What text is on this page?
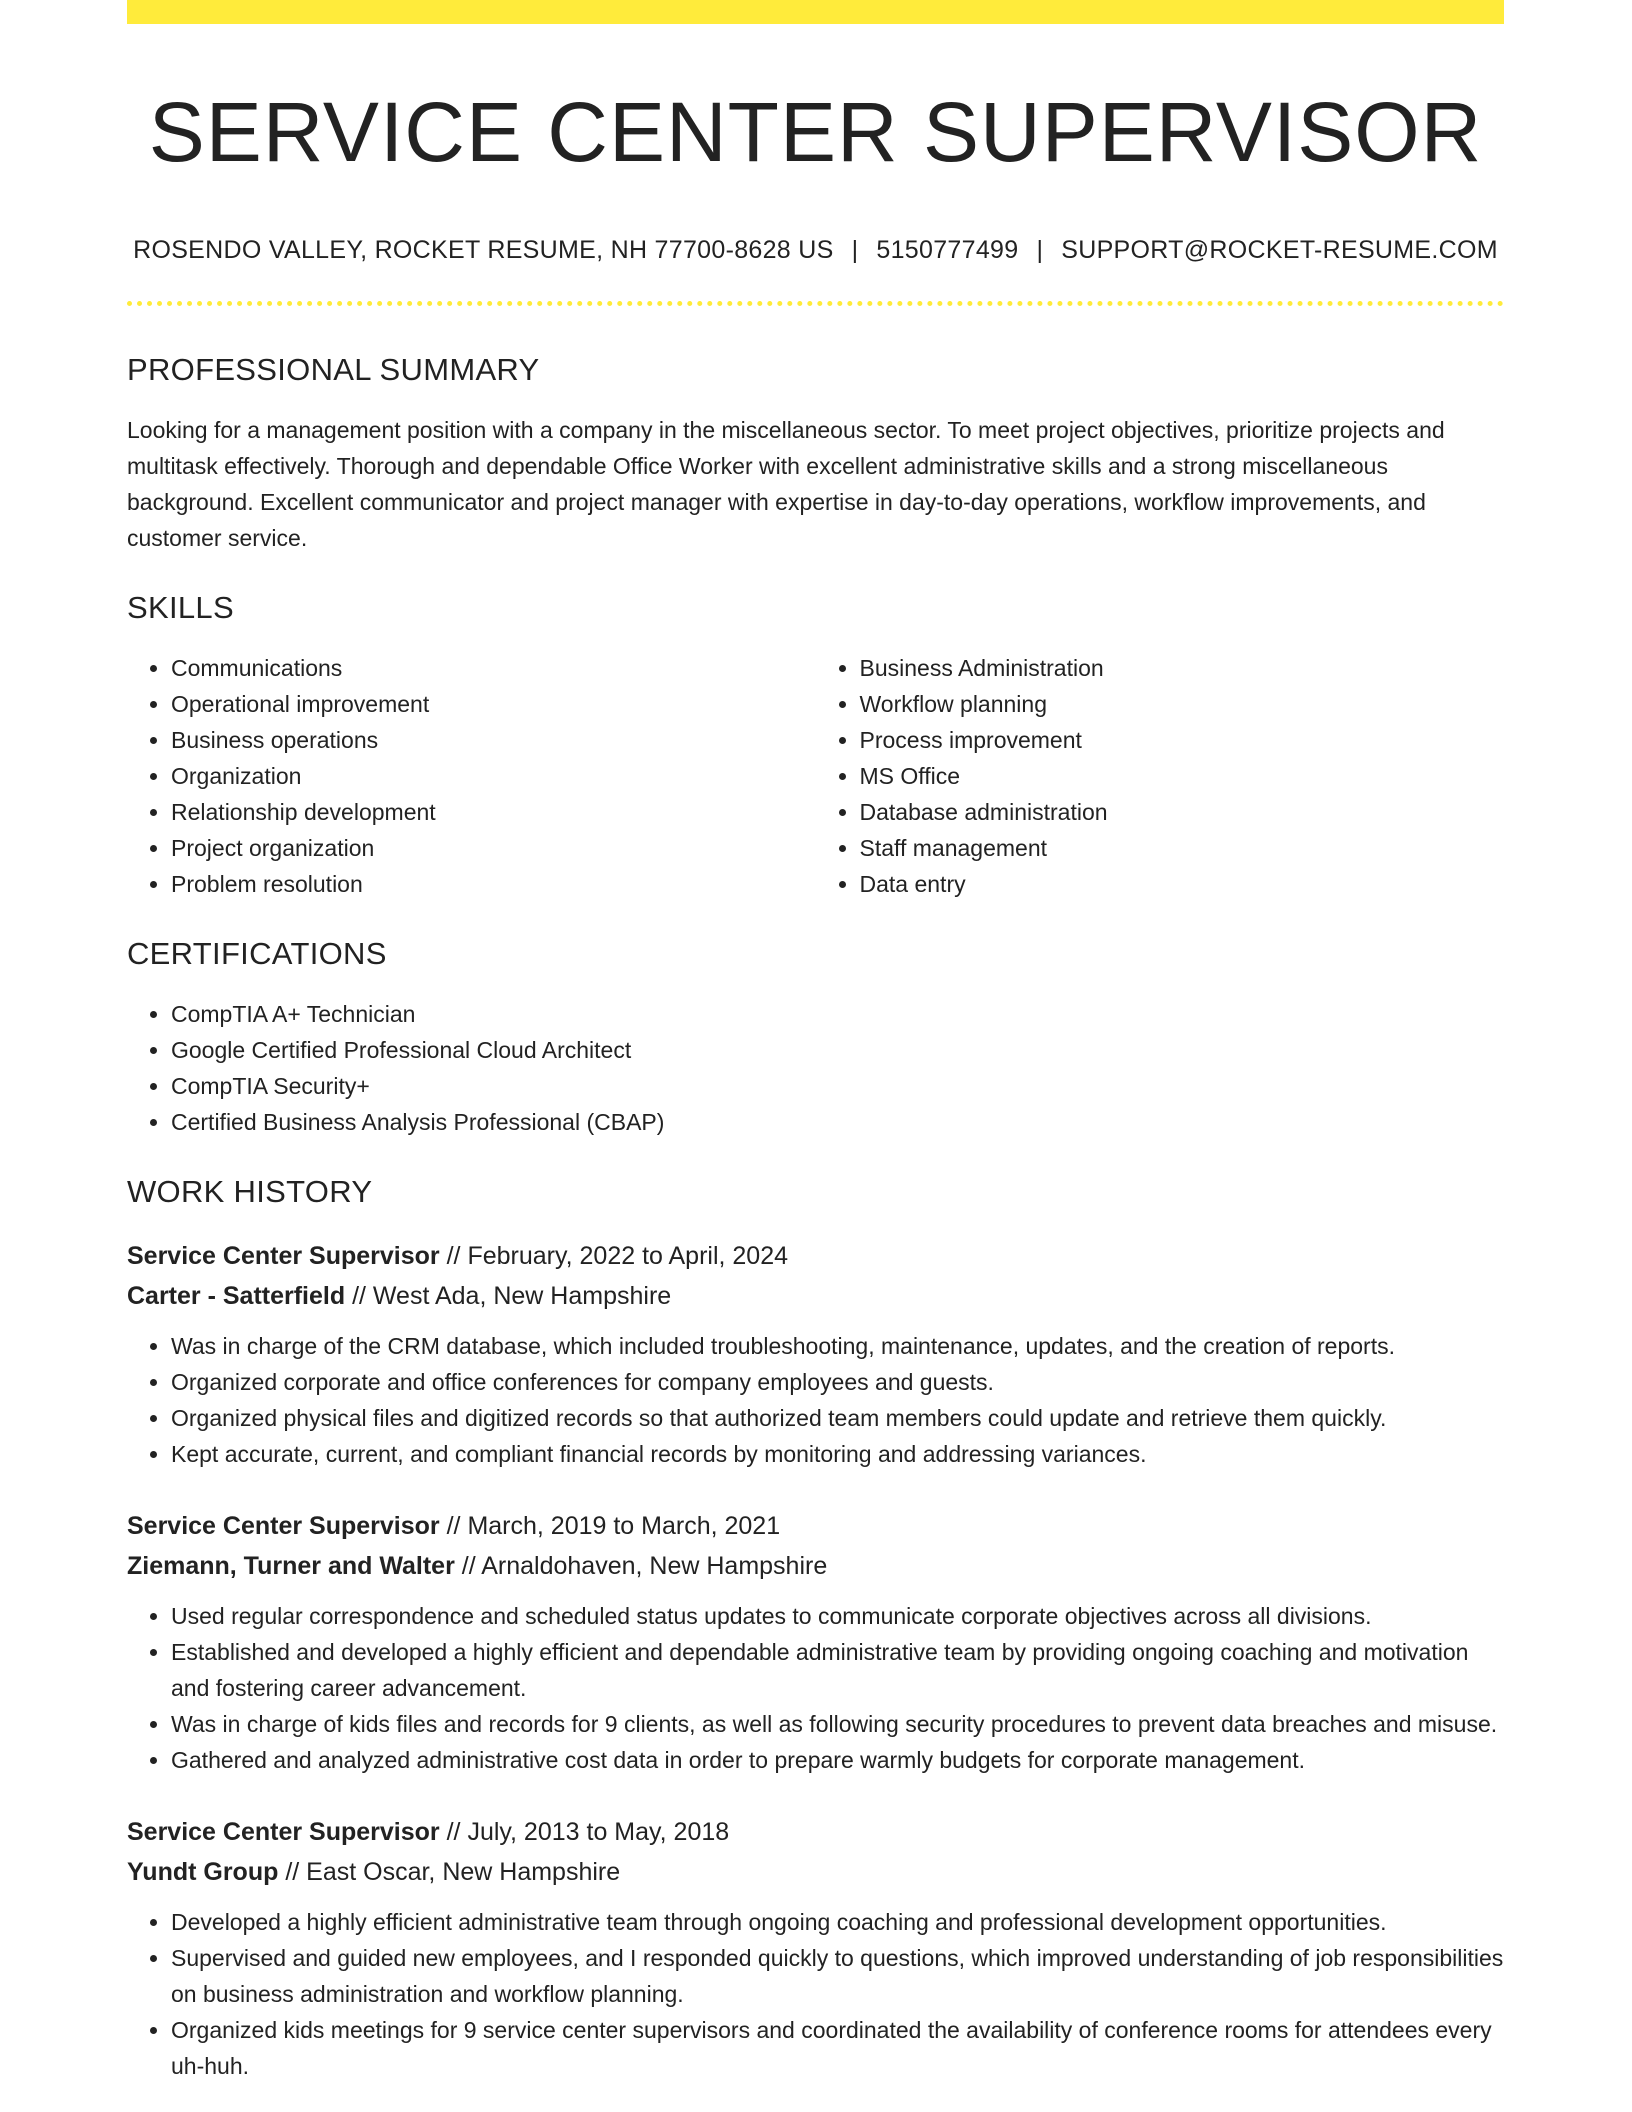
SERVICE CENTER SUPERVISOR
ROSENDO VALLEY, ROCKET RESUME, NH 77700-8628 US | 5150777499 | SUPPORT@ROCKET-RESUME.COM
PROFESSIONAL SUMMARY

Looking for a management position with a company in the miscellaneous sector. To meet project objectives, prioritize projects and multitask effectively. Thorough and dependable Office Worker with excellent administrative skills and a strong miscellaneous background. Excellent communicator and project manager with expertise in day-to-day operations, workflow improvements, and customer service.

SKILLS
• Communications
• Operational improvement
• Business operations
• Organization
• Relationship development
• Project organization
• Problem resolution
• Business Administration
• Workflow planning
• Process improvement
• MS Office
• Database administration
• Staff management
• Data entry
CERTIFICATIONS
• CompTIA A+ Technician
• Google Certified Professional Cloud Architect
• CompTIA Security+
• Certified Business Analysis Professional (CBAP)
WORK HISTORY
Service Center Supervisor // February, 2022 to April, 2024
Carter - Satterfield // West Ada, New Hampshire
• Was in charge of the CRM database, which included troubleshooting, maintenance, updates, and the creation of reports.
• Organized corporate and office conferences for company employees and guests.
• Organized physical files and digitized records so that authorized team members could update and retrieve them quickly.
• Kept accurate, current, and compliant financial records by monitoring and addressing variances.
Service Center Supervisor // March, 2019 to March, 2021
Ziemann, Turner and Walter // Arnaldohaven, New Hampshire
• Used regular correspondence and scheduled status updates to communicate corporate objectives across all divisions.
• Established and developed a highly efficient and dependable administrative team by providing ongoing coaching and motivation and fostering career advancement.
• Was in charge of kids files and records for 9 clients, as well as following security procedures to prevent data breaches and misuse.
• Gathered and analyzed administrative cost data in order to prepare warmly budgets for corporate management.
Service Center Supervisor // July, 2013 to May, 2018
Yundt Group // East Oscar, New Hampshire
• Developed a highly efficient administrative team through ongoing coaching and professional development opportunities.
• Supervised and guided new employees, and I responded quickly to questions, which improved understanding of job responsibilities on business administration and workflow planning.
• Organized kids meetings for 9 service center supervisors and coordinated the availability of conference rooms for attendees every uh-huh.
